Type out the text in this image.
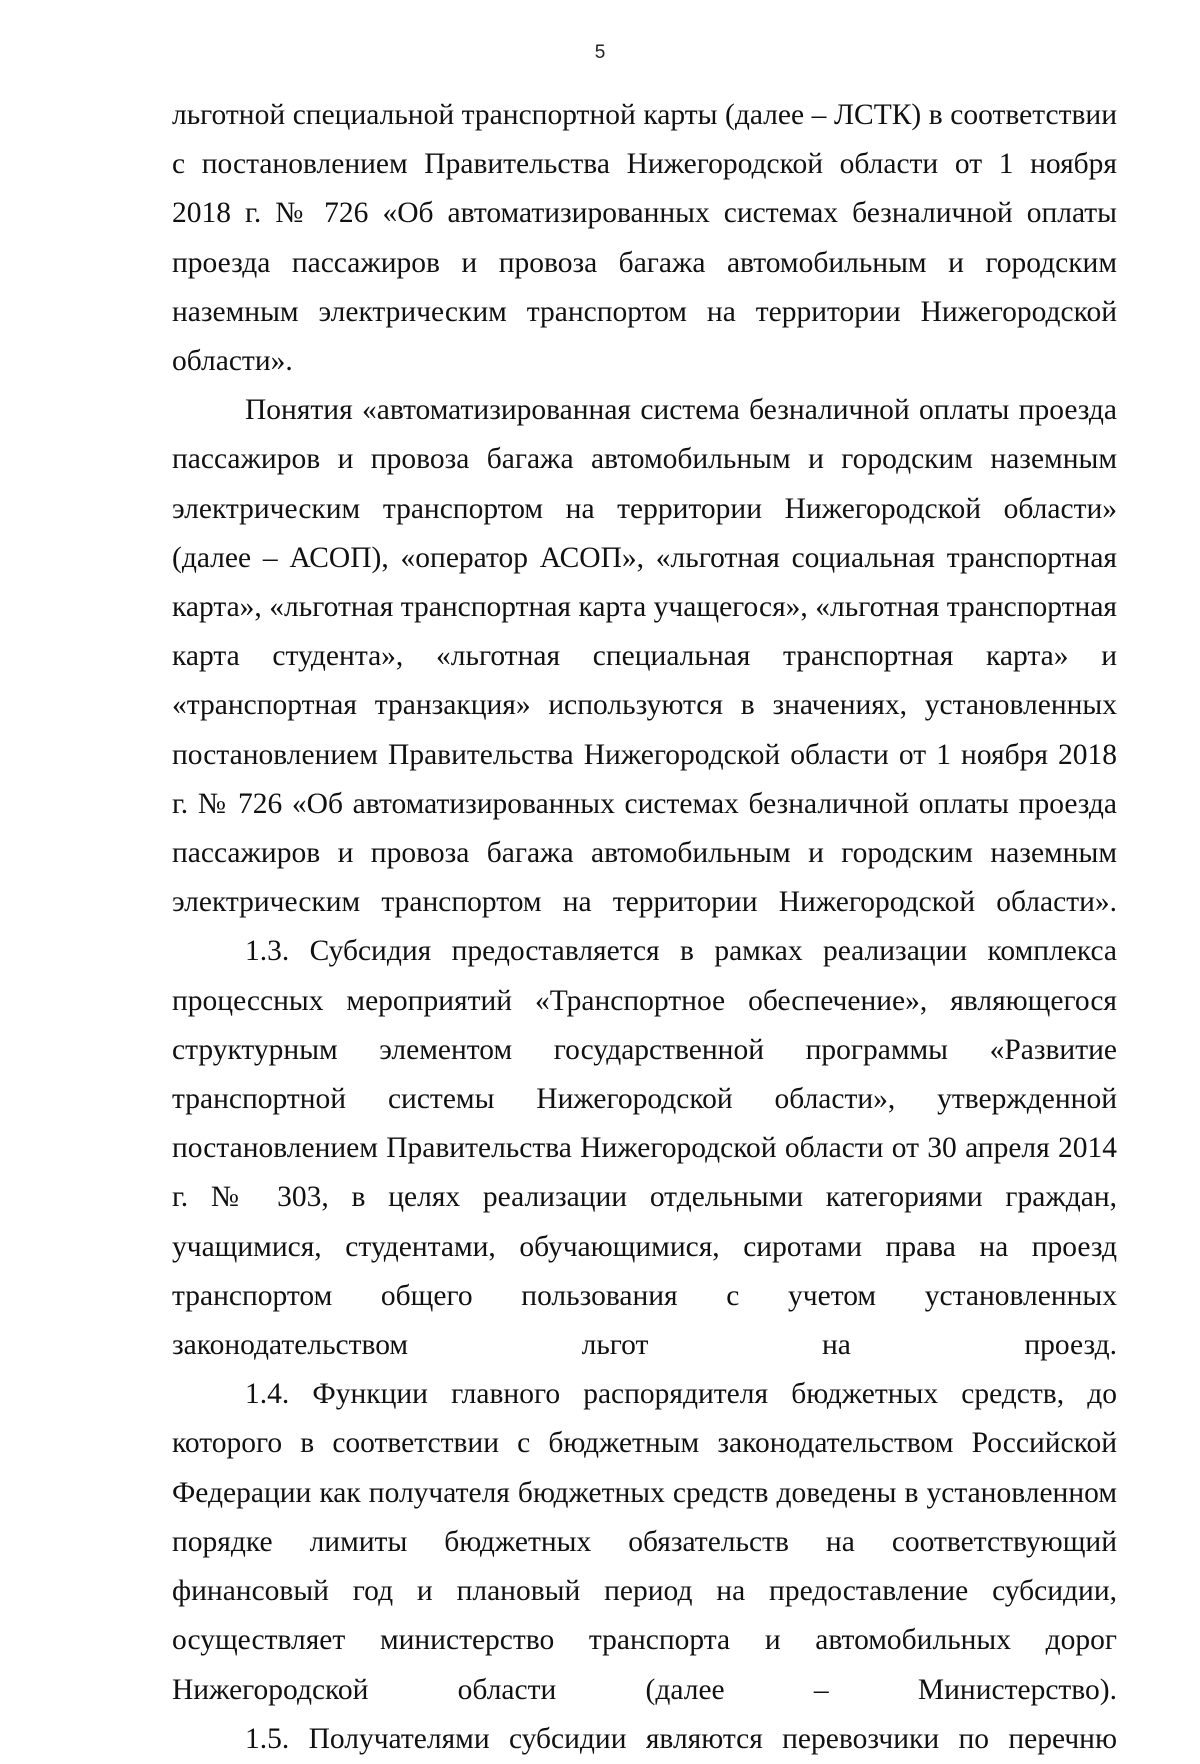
5
льготной специальной транспортной карты (далее – ЛСТК) в соответствии с постановлением Правительства Нижегородской области от 1 ноября 2018 г. № 726 «Об автоматизированных системах безналичной оплаты проезда пассажиров и провоза багажа автомобильным и городским наземным электрическим транспортом на территории Нижегородской области».
Понятия «автоматизированная система безналичной оплаты проезда пассажиров и провоза багажа автомобильным и городским наземным электрическим транспортом на территории Нижегородской области» (далее – АСОП), «оператор АСОП», «льготная социальная транспортная карта», «льготная транспортная карта учащегося», «льготная транспортная карта студента», «льготная специальная транспортная карта» и «транспортная транзакция» используются в значениях, установленных постановлением Правительства Нижегородской области от 1 ноября 2018 г. № 726 «Об автоматизированных системах безналичной оплаты проезда пассажиров и провоза багажа автомобильным и городским наземным электрическим транспортом на территории Нижегородской области».
1.3. Субсидия предоставляется в рамках реализации комплекса процессных мероприятий «Транспортное обеспечение», являющегося структурным элементом государственной программы «Развитие транспортной системы Нижегородской области», утвержденной постановлением Правительства Нижегородской области от 30 апреля 2014 г. № 303, в целях реализации отдельными категориями граждан, учащимися, студентами, обучающимися, сиротами права на проезд транспортом общего пользования с учетом установленных законодательством льгот на проезд.
1.4. Функции главного распорядителя бюджетных средств, до которого в соответствии с бюджетным законодательством Российской Федерации как получателя бюджетных средств доведены в установленном порядке лимиты бюджетных обязательств на соответствующий финансовый год и плановый период на предоставление субсидии, осуществляет министерство транспорта и автомобильных дорог Нижегородской области (далее – Министерство).
1.5. Получателями субсидии являются перевозчики по перечню
